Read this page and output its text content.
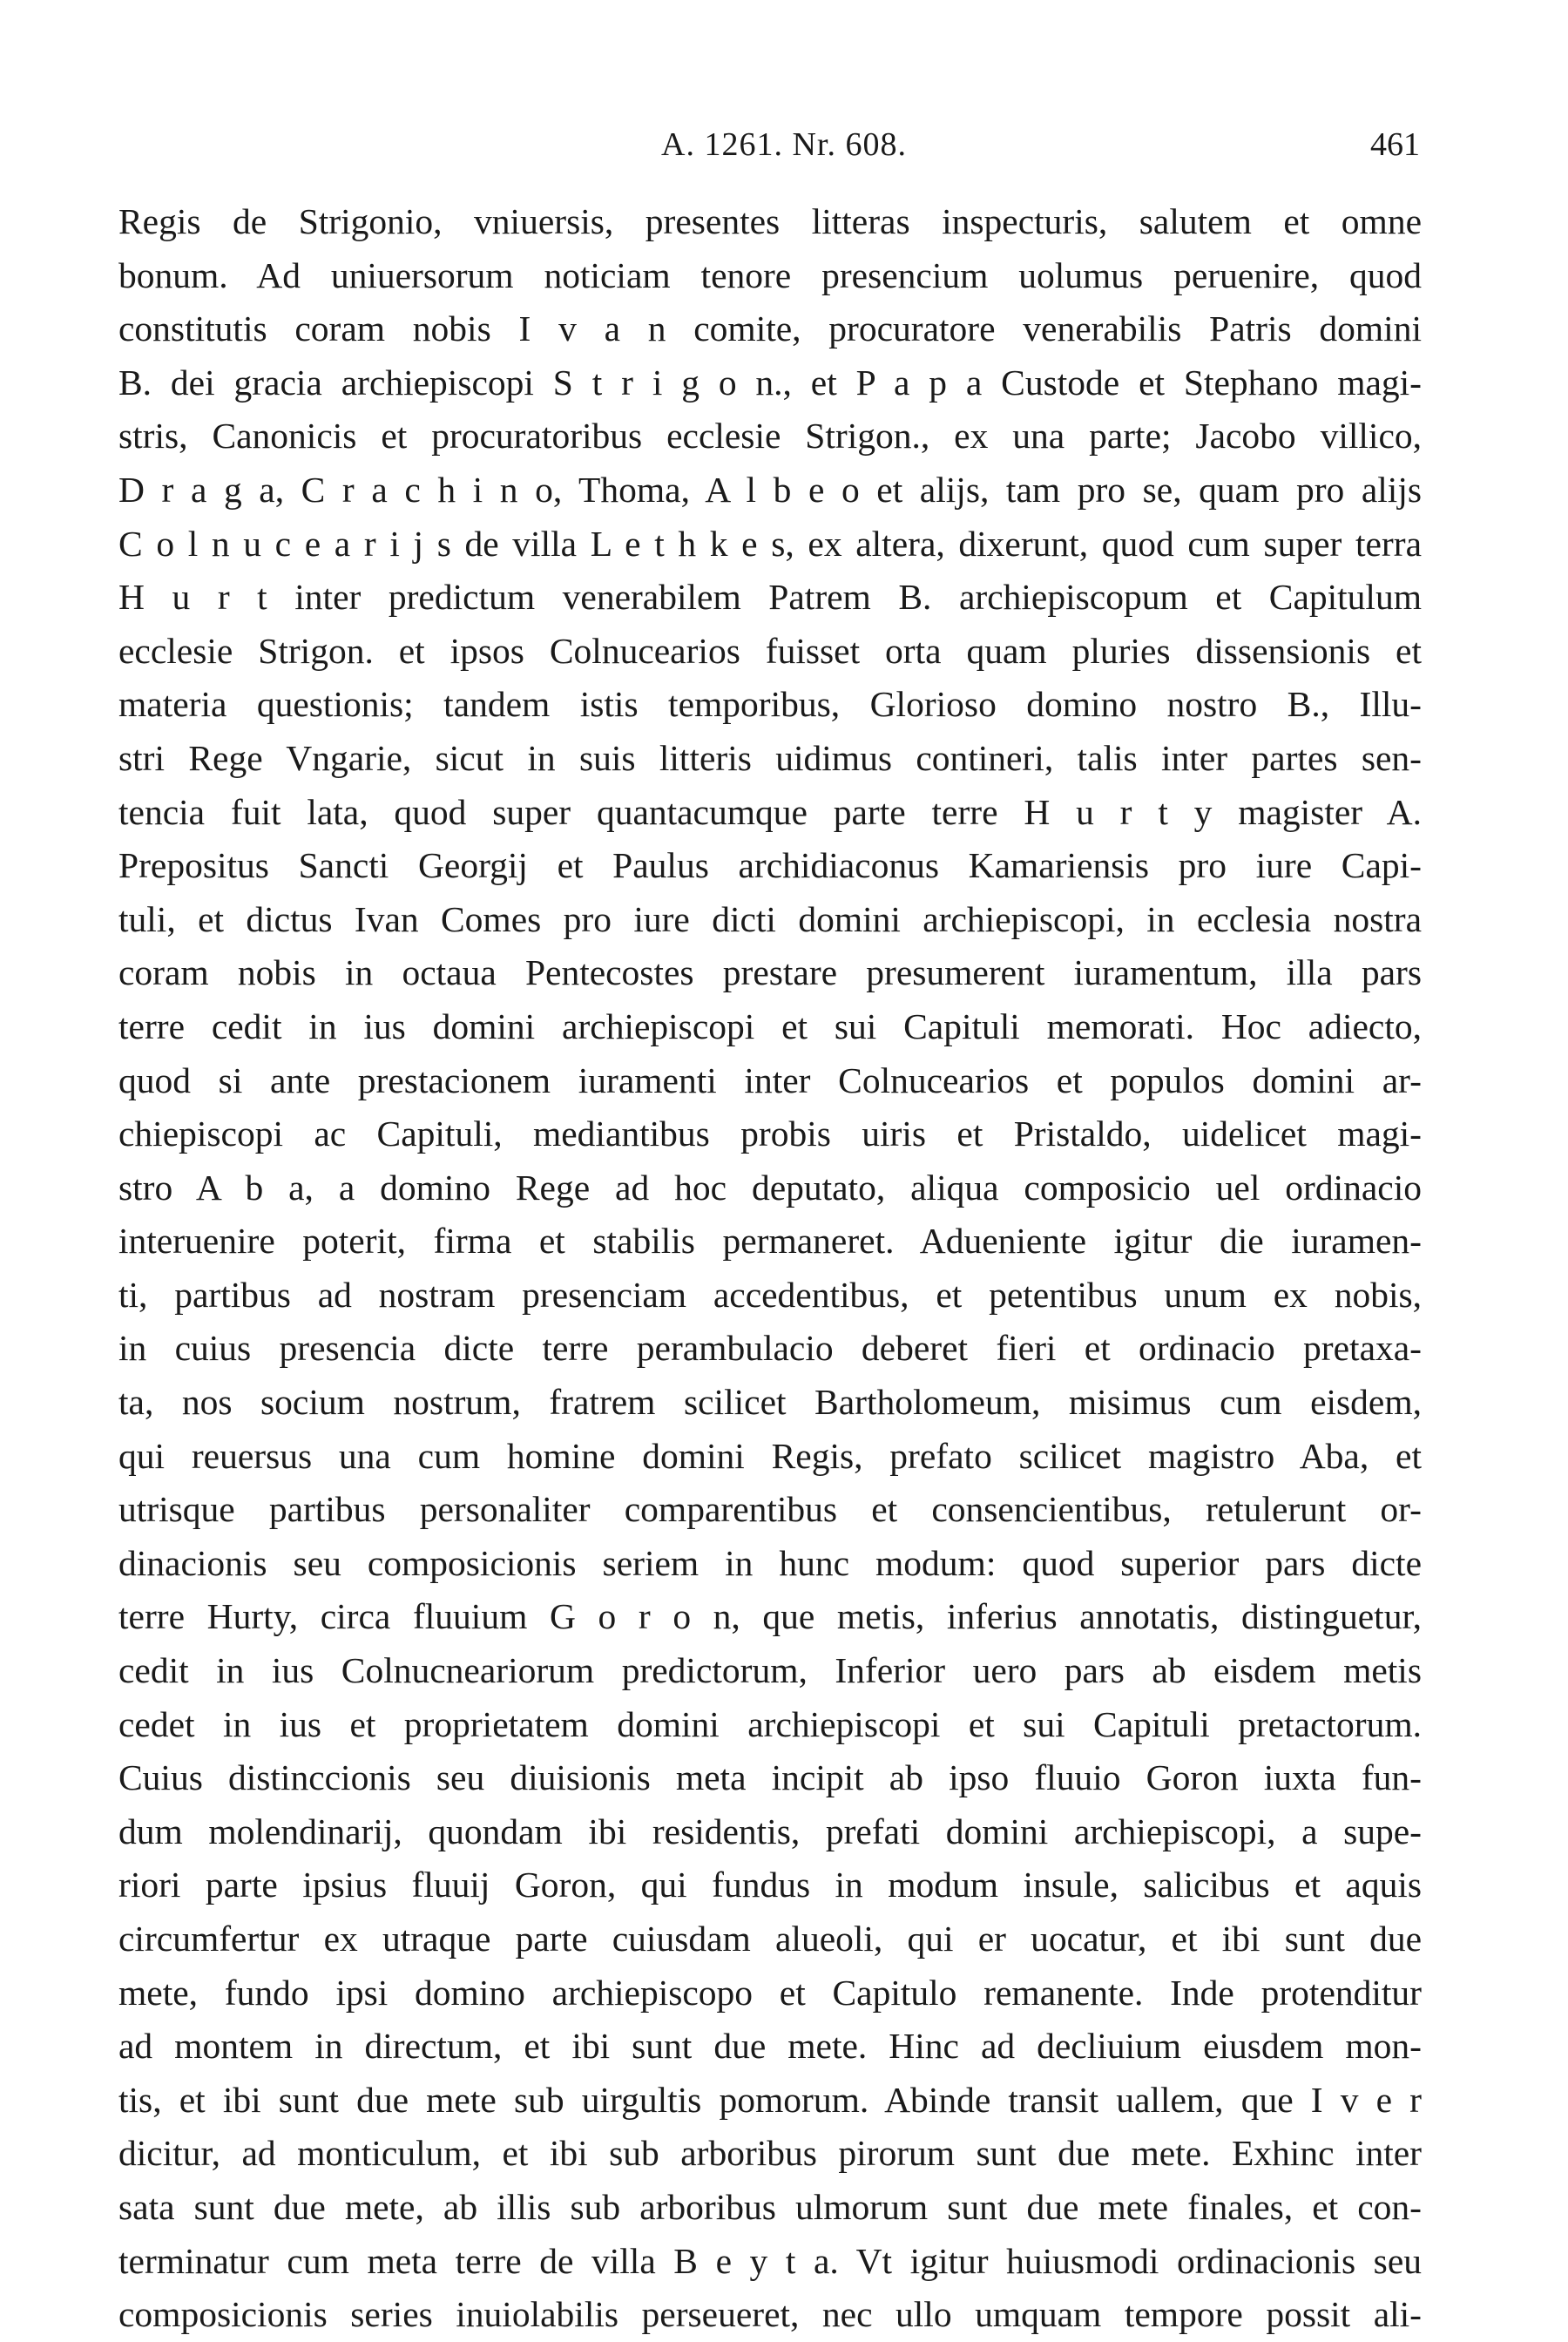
A. 1261. Nr. 608.	461
Regis de Strigonio, vniuersis, presentes litteras inspecturis, salutem et omne
bonum. Ad uniuersorum noticiam tenore presencium uolumus peruenire, quod
constitutis coram nobis I v a n comite, procuratore venerabilis Patris domini
B. dei gracia archiepiscopi S t r i g o n., et P a p a Custode et Stephano magi-
stris, Canonicis et procuratoribus ecclesie Strigon., ex una parte; Jacobo villico,
D r a g a, C r a c h i n o, Thoma, A l b e o et alijs, tam pro se, quam pro alijs
C o l n u c e a r i j s de villa L e t h k e s, ex altera, dixerunt, quod cum super terra
H u r t inter predictum venerabilem Patrem B. archiepiscopum et Capitulum
ecclesie Strigon. et ipsos Colnucearios fuisset orta quam pluries dissensionis et
materia questionis; tandem istis temporibus, Glorioso domino nostro B., Illu-
stri Rege Vngarie, sicut in suis litteris uidimus contineri, talis inter partes sen-
tencia fuit lata, quod super quantacumque parte terre H u r t y magister A.
Prepositus Sancti Georgij et Paulus archidiaconus Kamariensis pro iure Capi-
tuli, et dictus Ivan Comes pro iure dicti domini archiepiscopi, in ecclesia nostra
coram nobis in octaua Pentecostes prestare presumerent iuramentum, illa pars
terre cedit in ius domini archiepiscopi et sui Capituli memorati. Hoc adiecto,
quod si ante prestacionem iuramenti inter Colnucearios et populos domini ar-
chiepiscopi ac Capituli, mediantibus probis uiris et Pristaldo, uidelicet magi-
stro A b a, a domino Rege ad hoc deputato, aliqua composicio uel ordinacio
interuenire poterit, firma et stabilis permaneret. Adueniente igitur die iuramen-
ti, partibus ad nostram presenciam accedentibus, et petentibus unum ex nobis,
in cuius presencia dicte terre perambulacio deberet fieri et ordinacio pretaxa-
ta, nos socium nostrum, fratrem scilicet Bartholomeum, misimus cum eisdem,
qui reuersus una cum homine domini Regis, prefato scilicet magistro Aba, et
utrisque partibus personaliter comparentibus et consencientibus, retulerunt or-
dinacionis seu composicionis seriem in hunc modum: quod superior pars dicte
terre Hurty, circa fluuium G o r o n, que metis, inferius annotatis, distinguetur,
cedit in ius Colnucneariorum predictorum, Inferior uero pars ab eisdem metis
cedet in ius et proprietatem domini archiepiscopi et sui Capituli pretactorum.
Cuius distinccionis seu diuisionis meta incipit ab ipso fluuio Goron iuxta fun-
dum molendinarij, quondam ibi residentis, prefati domini archiepiscopi, a supe-
riori parte ipsius fluuij Goron, qui fundus in modum insule, salicibus et aquis
circumfertur ex utraque parte cuiusdam alueoli, qui er uocatur, et ibi sunt due
mete, fundo ipsi domino archiepiscopo et Capitulo remanente. Inde protenditur
ad montem in directum, et ibi sunt due mete. Hinc ad decliuium eiusdem mon-
tis, et ibi sunt due mete sub uirgultis pomorum. Abinde transit uallem, que I v e r
dicitur, ad monticulum, et ibi sub arboribus pirorum sunt due mete. Exhinc inter
sata sunt due mete, ab illis sub arboribus ulmorum sunt due mete finales, et con-
terminatur cum meta terre de villa B e y t a. Vt igitur huiusmodi ordinacionis seu
composicionis series inuiolabilis perseueret, nec ullo umquam tempore possit ali-
